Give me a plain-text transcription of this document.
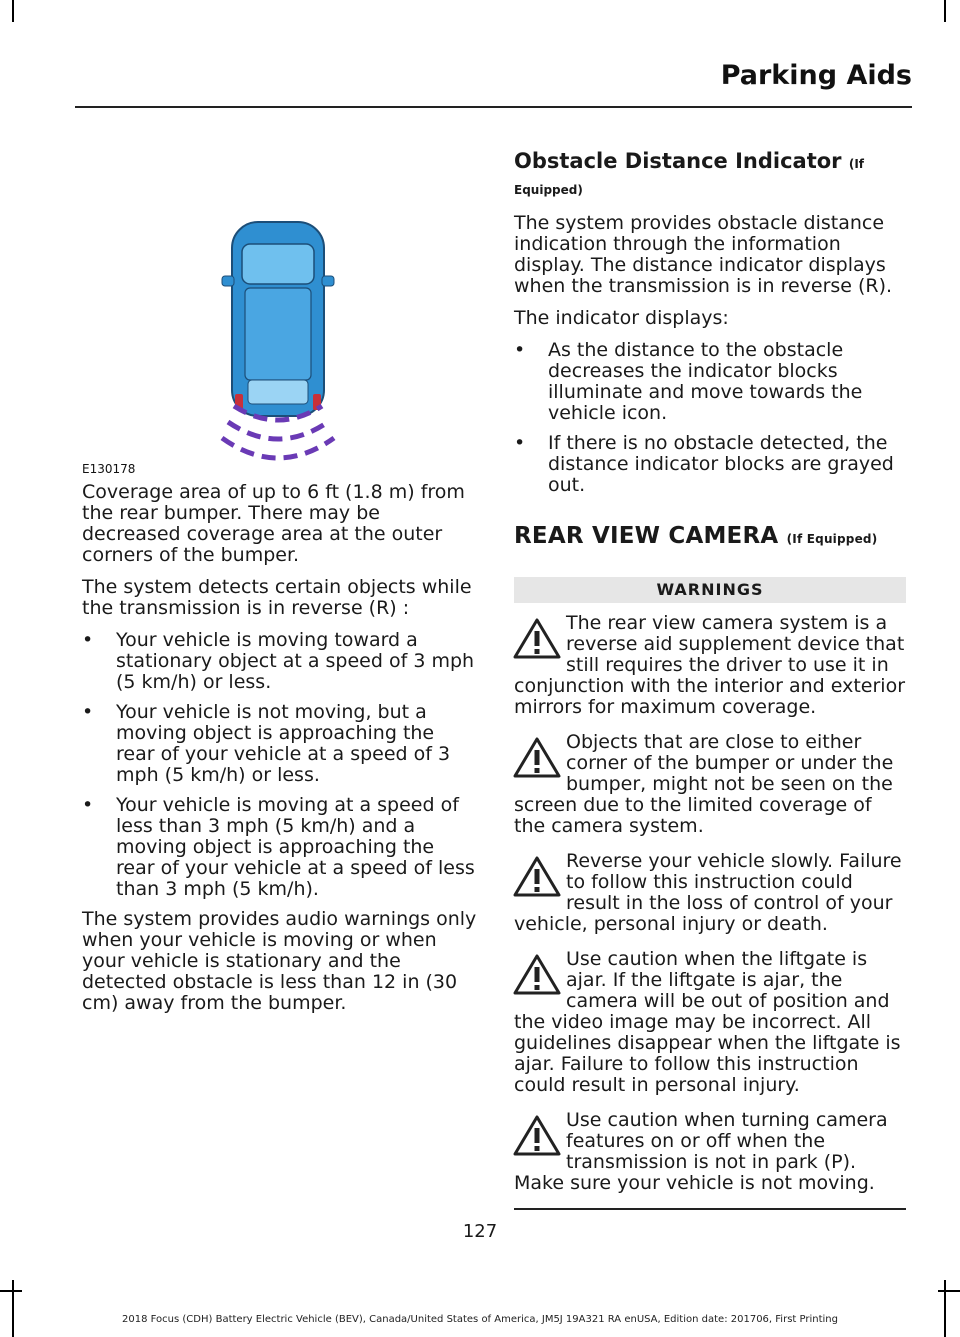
Parking Aids
E130178

Coverage area of up to 6 ft (1.8 m) from the rear bumper. There may be decreased coverage area at the outer corners of the bumper.

The system detects certain objects while the transmission is in reverse (R) :

• Your vehicle is moving toward a stationary object at a speed of 3 mph (5 km/h) or less.
• Your vehicle is not moving, but a moving object is approaching the rear of your vehicle at a speed of 3 mph (5 km/h) or less.
• Your vehicle is moving at a speed of less than 3 mph (5 km/h) and a moving object is approaching the rear of your vehicle at a speed of less than 3 mph (5 km/h).

The system provides audio warnings only when your vehicle is moving or when your vehicle is stationary and the detected obstacle is less than 12 in (30 cm) away from the bumper.

Obstacle Distance Indicator (If
Equipped)

The system provides obstacle distance indication through the information display. The distance indicator displays when the transmission is in reverse (R).

The indicator displays:

• As the distance to the obstacle decreases the indicator blocks illuminate and move towards the vehicle icon.
• If there is no obstacle detected, the distance indicator blocks are grayed out.
REAR VIEW CAMERA (If Equipped)
WARNINGS
The rear view camera system is a reverse aid supplement device that still requires the driver to use it in conjunction with the interior and exterior mirrors for maximum coverage.
Objects that are close to either corner of the bumper or under the bumper, might not be seen on the screen due to the limited coverage of the camera system.
Reverse your vehicle slowly. Failure to follow this instruction could result in the loss of control of your vehicle, personal injury or death.
Use caution when the liftgate is ajar. If the liftgate is ajar, the camera will be out of position and the video image may be incorrect. All guidelines disappear when the liftgate is ajar. Failure to follow this instruction could result in personal injury.
Use caution when turning camera features on or off when the transmission is not in park (P). Make sure your vehicle is not moving.
127
2018 Focus (CDH) Battery Electric Vehicle (BEV), Canada/United States of America, JM5J 19A321 RA enUSA, Edition date: 201706, First Printing
